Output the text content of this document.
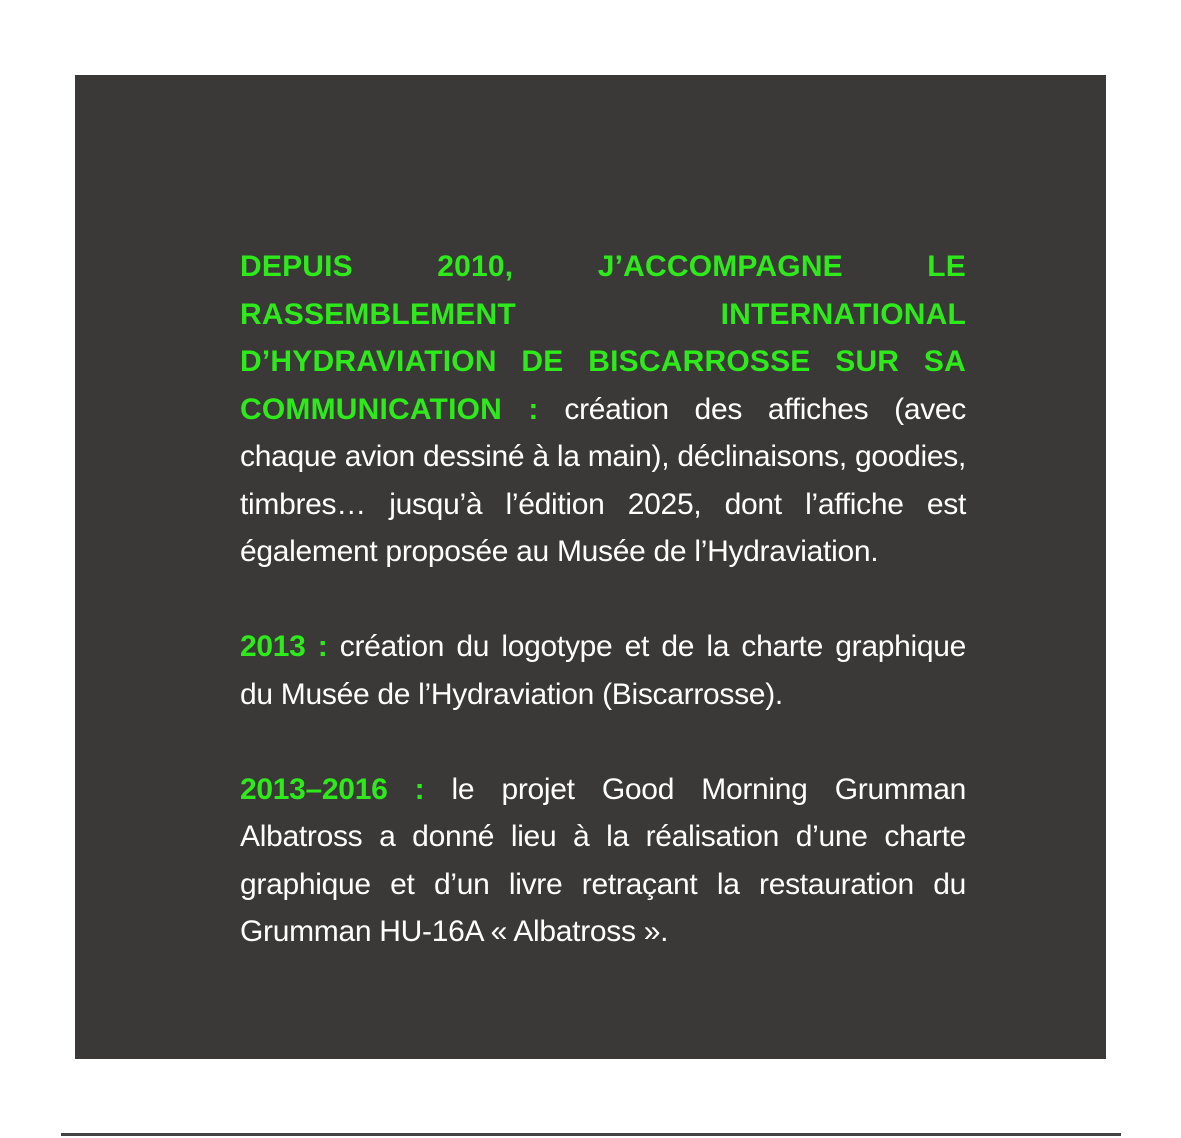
DEPUIS 2010, J’ACCOMPAGNE LE RASSEMBLEMENT INTERNATIONAL D’HYDRAVIATION DE BISCARROSSE SUR SA COMMUNICATION : création des affiches (avec chaque avion dessiné à la main), déclinaisons, goodies, timbres… jusqu’à l’édition 2025, dont l’affiche est également proposée au Musée de l’Hydraviation.

2013 : création du logotype et de la charte graphique du Musée de l’Hydraviation (Biscarrosse).

2013–2016 : le projet Good Morning Grumman Albatross a donné lieu à la réalisation d’une charte graphique et d’un livre retraçant la restauration du Grumman HU-16A « Albatross ».
